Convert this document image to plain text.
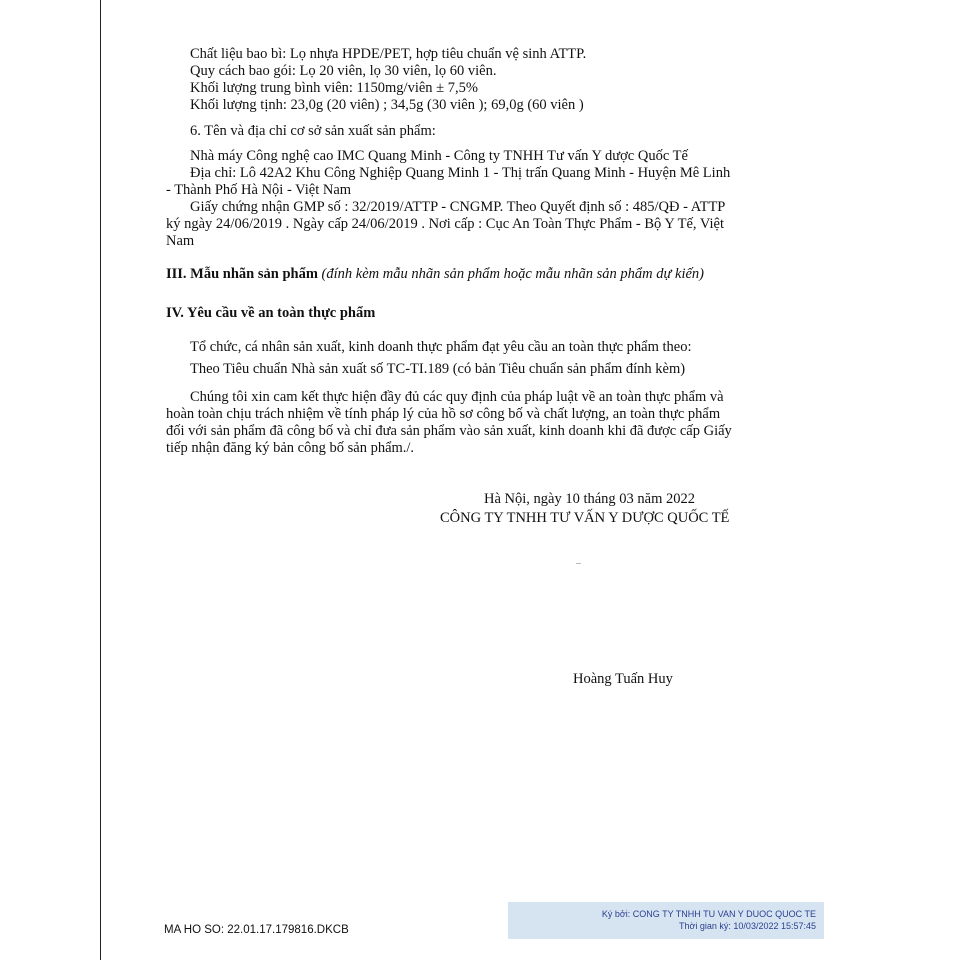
Chất liệu bao bì: Lọ nhựa HPDE/PET, hợp tiêu chuẩn vệ sinh ATTP.
Quy cách bao gói: Lọ 20 viên, lọ 30 viên, lọ 60 viên.
Khối lượng trung bình viên: 1150mg/viên ± 7,5%
Khối lượng tịnh: 23,0g (20 viên) ; 34,5g (30 viên ); 69,0g (60 viên )
6. Tên và địa chỉ cơ sở sản xuất sản phẩm:
Nhà máy Công nghệ cao IMC Quang Minh - Công ty TNHH Tư vấn Y dược Quốc Tế
Địa chỉ: Lô 42A2 Khu Công Nghiệp Quang Minh 1 - Thị trấn Quang Minh - Huyện Mê Linh
- Thành Phố Hà Nội - Việt Nam
Giấy chứng nhận GMP số : 32/2019/ATTP - CNGMP. Theo Quyết định số : 485/QĐ - ATTP
ký ngày 24/06/2019 . Ngày cấp 24/06/2019 . Nơi cấp : Cục An Toàn Thực Phẩm - Bộ Y Tế, Việt
Nam
III. Mẫu nhãn sản phẩm (đính kèm mẫu nhãn sản phẩm hoặc mẫu nhãn sản phẩm dự kiến)
IV. Yêu cầu về an toàn thực phẩm
Tổ chức, cá nhân sản xuất, kinh doanh thực phẩm đạt yêu cầu an toàn thực phẩm theo:
Theo Tiêu chuẩn Nhà sản xuất số TC-TI.189 (có bản Tiêu chuẩn sản phẩm đính kèm)
Chúng tôi xin cam kết thực hiện đầy đủ các quy định của pháp luật về an toàn thực phẩm và
hoàn toàn chịu trách nhiệm về tính pháp lý của hồ sơ công bố và chất lượng, an toàn thực phẩm
đối với sản phẩm đã công bố và chỉ đưa sản phẩm vào sản xuất, kinh doanh khi đã được cấp Giấy
tiếp nhận đăng ký bản công bố sản phẩm./.
Hà Nội, ngày 10 tháng 03 năm 2022
CÔNG TY TNHH TƯ VẤN Y DƯỢC QUỐC TẾ
Hoàng Tuấn Huy
MA HO SO: 22.01.17.179816.DKCB
Ký bởi: CONG TY TNHH TU VAN Y DUOC QUOC TE
Thời gian ký: 10/03/2022 15:57:45
